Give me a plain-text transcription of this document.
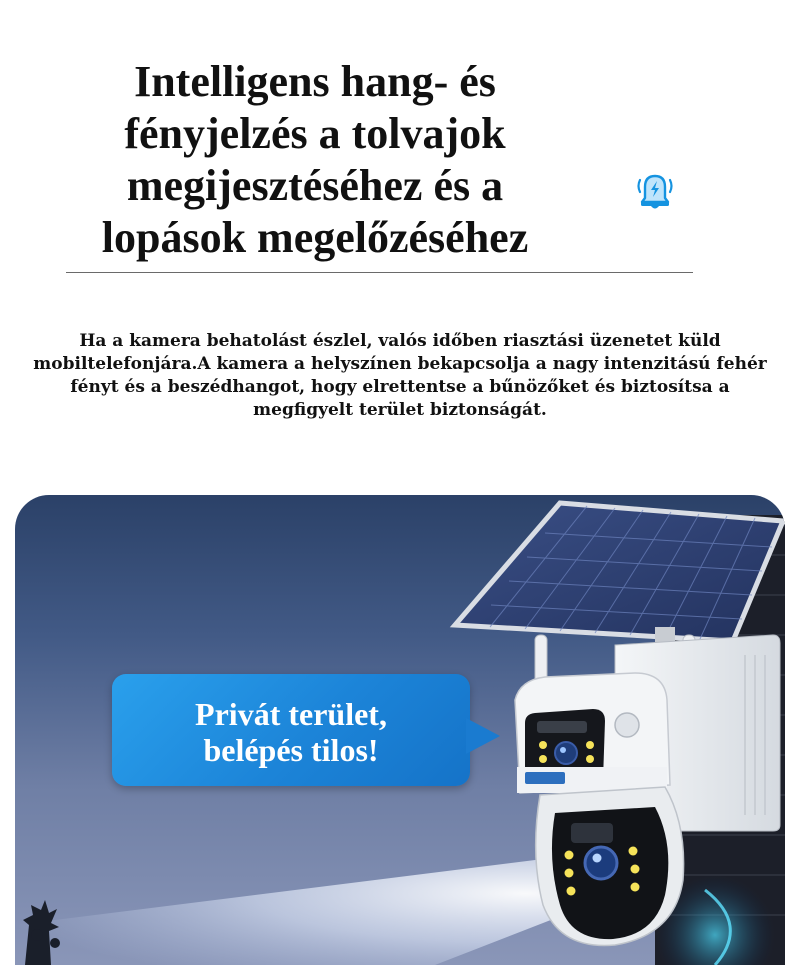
Intelligens hang- és
fényjelzés a tolvajok
megijesztéséhez és a
lopások megelőzéséhez

Ha a kamera behatolást észlel, valós időben riasztási üzenetet küld mobiltelefonjára.A kamera a helyszínen bekapcsolja a nagy intenzitású fehér fényt és a beszédhangot, hogy elrettentse a bűnözőket és biztosítsa a megfigyelt terület biztonságát.

Privát terület,
belépés tilos!
